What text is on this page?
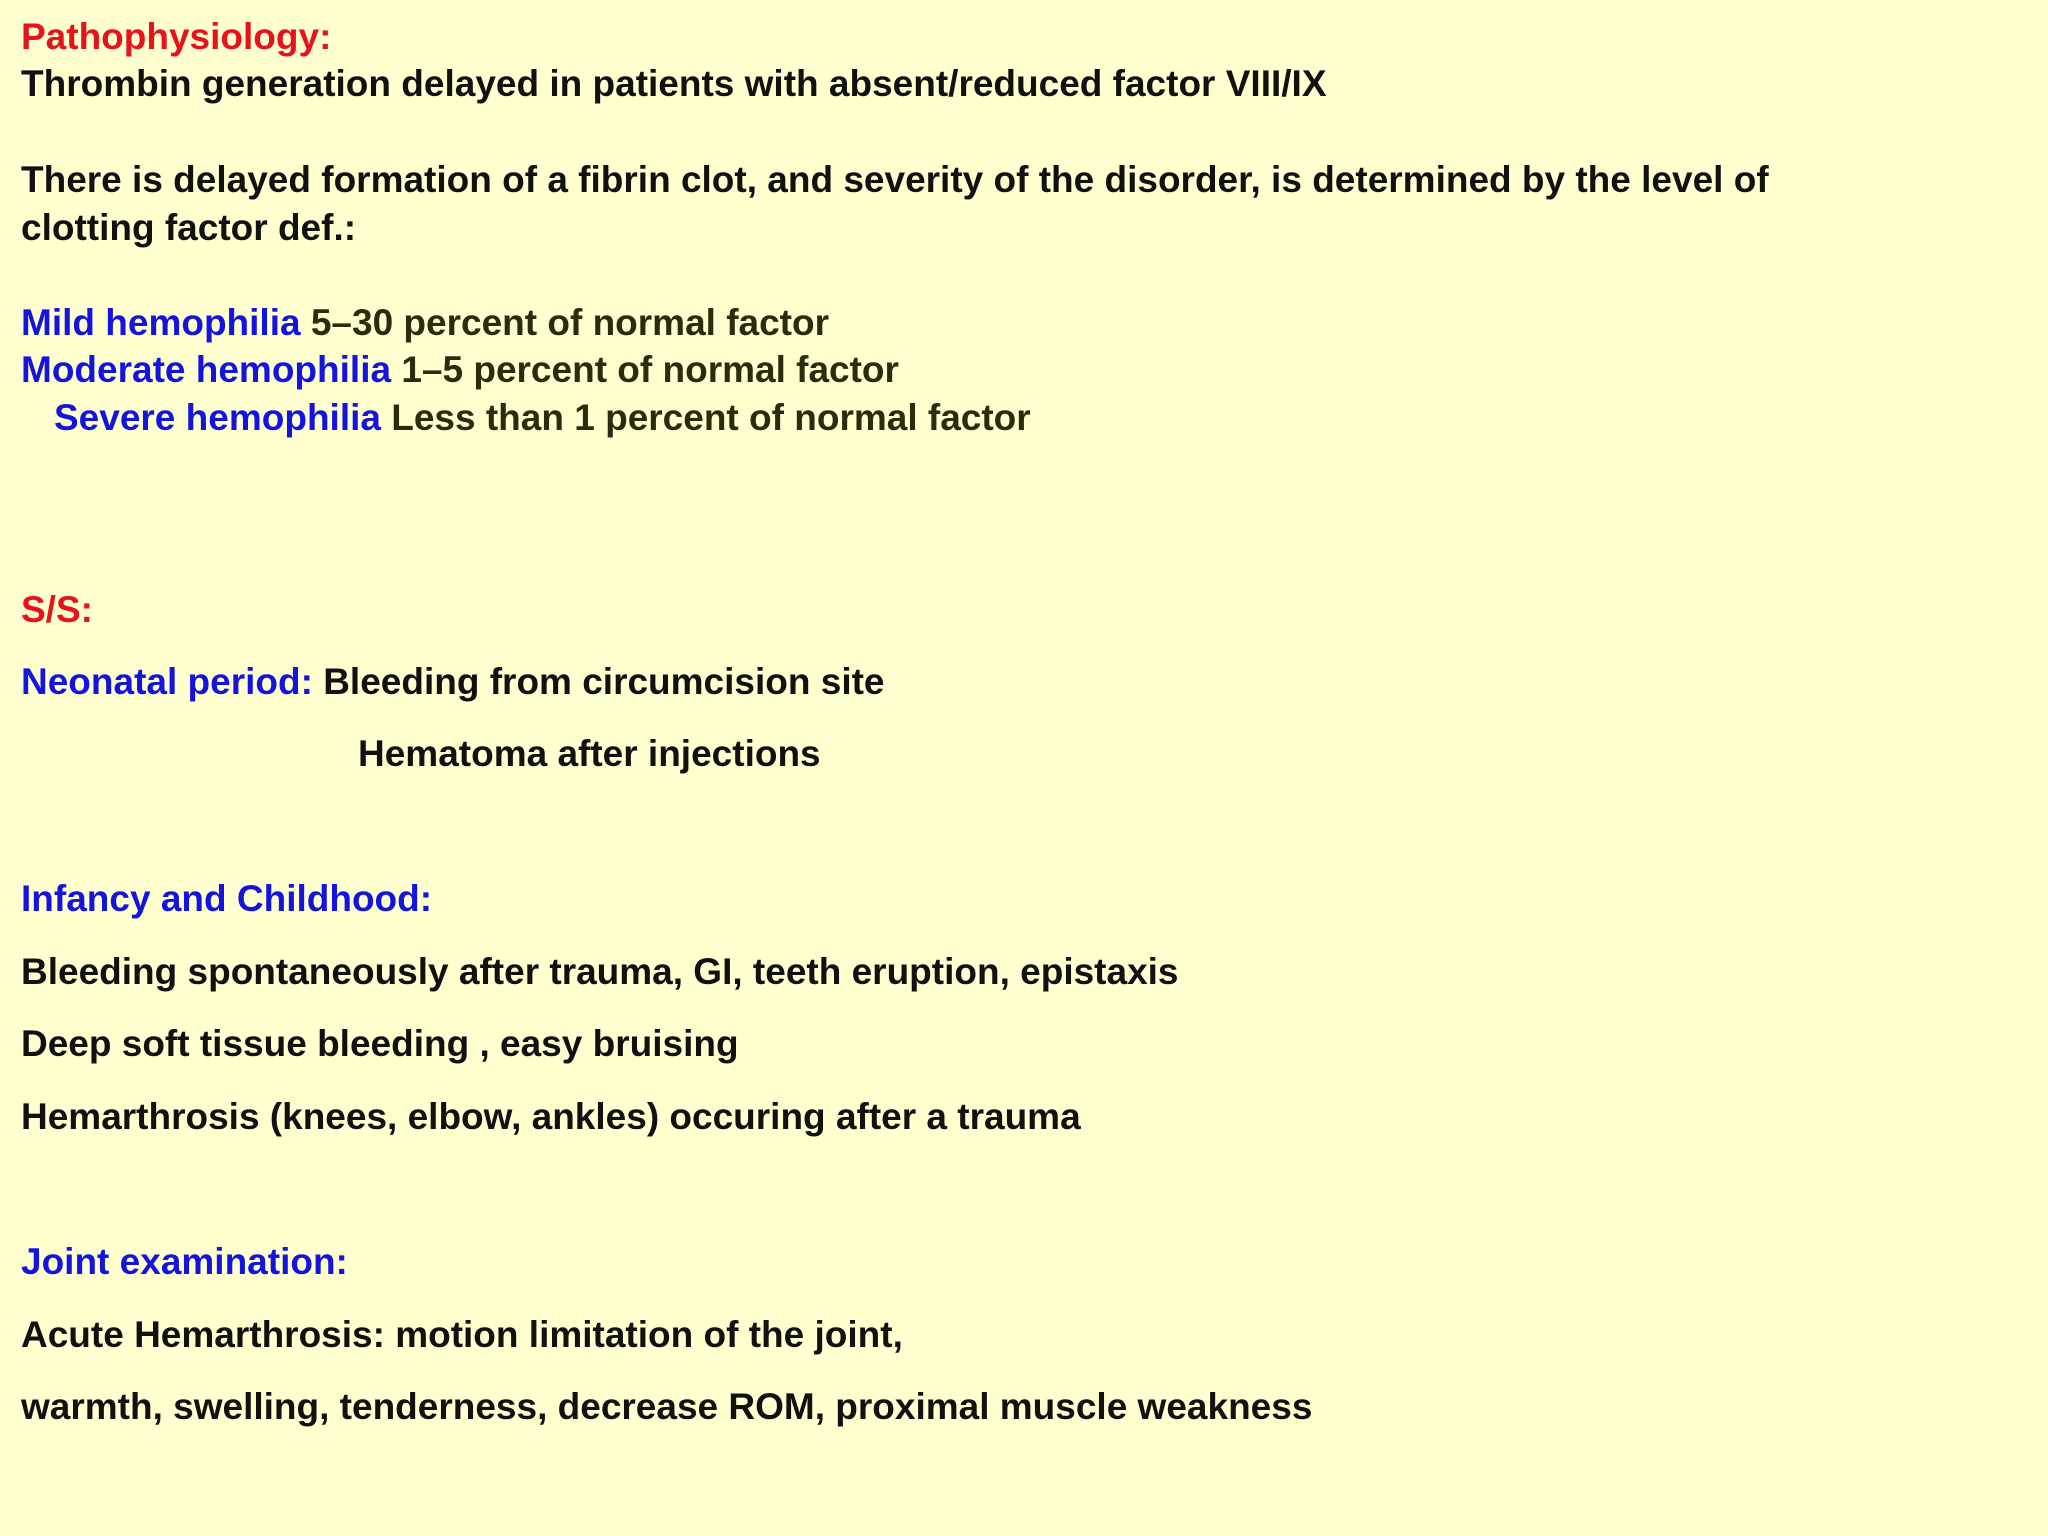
Pathophysiology:
Thrombin generation delayed in patients with absent/reduced factor VIII/IX
There is delayed formation of a fibrin clot, and severity of the disorder, is determined by the level of
clotting factor def.:
Mild hemophilia 5–30 percent of normal factor
Moderate hemophilia 1–5 percent of normal factor
Severe hemophilia Less than 1 percent of normal factor
S/S:
Neonatal period: Bleeding from circumcision site
Hematoma after injections
Infancy and Childhood:
Bleeding spontaneously after trauma, GI, teeth eruption, epistaxis
Deep soft tissue bleeding , easy bruising
Hemarthrosis (knees, elbow, ankles) occuring after a trauma
Joint examination:
Acute Hemarthrosis: motion limitation of the joint,
warmth, swelling, tenderness, decrease ROM, proximal muscle weakness
